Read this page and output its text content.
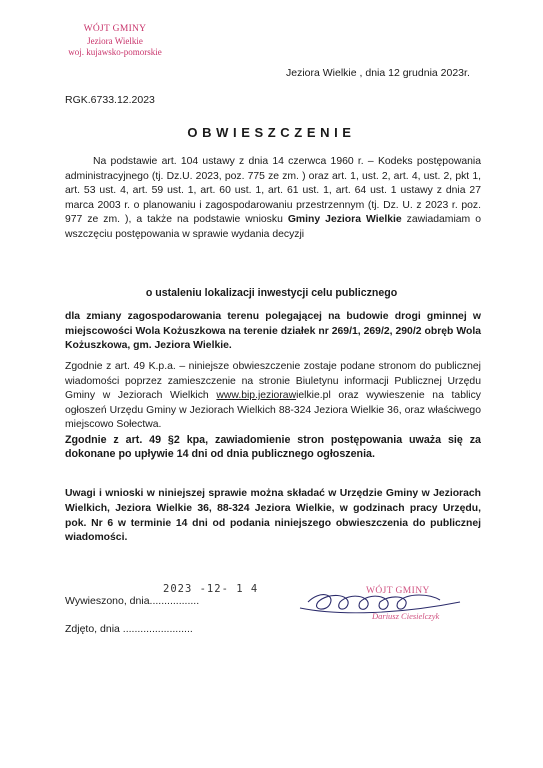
WÓJT GMINY
Jeziora Wielkie
woj. kujawsko-pomorskie
Jeziora Wielkie , dnia 12 grudnia 2023r.
RGK.6733.12.2023
OBWIESZCZENIE

Na podstawie art. 104 ustawy z dnia 14 czerwca 1960 r. – Kodeks postępowania administracyjnego (tj. Dz.U. 2023, poz. 775 ze zm. ) oraz art. 1, ust. 2, art. 4, ust. 2, pkt 1, art. 53 ust. 4, art. 59 ust. 1, art. 60 ust. 1, art. 61 ust. 1, art. 64 ust. 1 ustawy z dnia 27 marca 2003 r. o planowaniu i zagospodarowaniu przestrzennym (tj. Dz. U. z 2023 r. poz. 977 ze zm. ), a także na podstawie wniosku Gminy Jeziora Wielkie zawiadamiam o wszczęciu postępowania w sprawie wydania decyzji

o ustaleniu lokalizacji inwestycji celu publicznego

dla zmiany zagospodarowania terenu polegającej na budowie drogi gminnej w miejscowości Wola Kożuszkowa na terenie działek nr 269/1, 269/2, 290/2 obręb Wola Kożuszkowa, gm. Jeziora Wielkie.

Zgodnie z art. 49 K.p.a. – niniejsze obwieszczenie zostaje podane stronom do publicznej wiadomości poprzez zamieszczenie na stronie Biuletynu informacji Publicznej Urzędu Gminy w Jeziorach Wielkich www.bip.jeziorawielkie.pl oraz wywieszenie na tablicy ogłoszeń Urzędu Gminy w Jeziorach Wielkich 88-324 Jeziora Wielkie 36, oraz właściwego miejscowo Sołectwa.

Zgodnie z art. 49 §2 kpa, zawiadomienie stron postępowania uważa się za dokonane po upływie 14 dni od dnia publicznego ogłoszenia.

Uwagi i wnioski w niniejszej sprawie można składać w Urzędzie Gminy w Jeziorach Wielkich, Jeziora Wielkie 36, 88-324 Jeziora Wielkie, w godzinach pracy Urzędu, pok. Nr 6 w terminie 14 dni od podania niniejszego obwieszczenia do publicznej wiadomości.

WÓJT GMINY
Dariusz Ciesielczyk
Wywieszono, dnia.................
2023 -12- 1 4
Zdjęto, dnia ........................
